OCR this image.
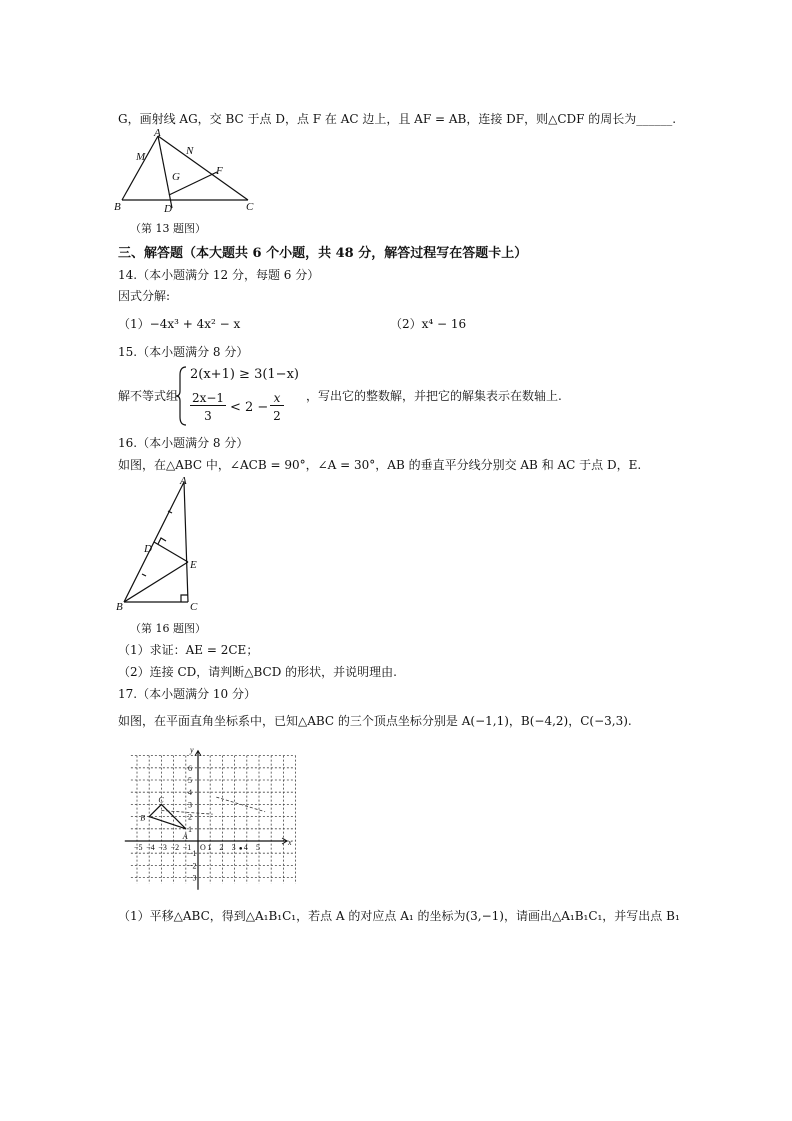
G，画射线 AG，交 BC 于点 D，点 F 在 AC 边上，且 AF = AB，连接 DF，则△CDF 的周长为______.
A
M	N
G	F
B	D	C
（第 13 题图）
三、解答题（本大题共 6 个小题，共 48 分，解答过程写在答题卡上）
14.（本小题满分 12 分，每题 6 分）
因式分解:
（1）−4x³ + 4x² − x	（2）x⁴ − 16
15.（本小题满分 8 分）
解不等式组
2(x+1) ≥ 3(1−x)
2x−1
3
< 2 −
x
2
，写出它的整数解，并把它的解集表示在数轴上.
16.（本小题满分 8 分）
如图，在△ABC 中，∠ACB = 90°，∠A = 30°，AB 的垂直平分线分别交 AB 和 AC 于点 D，E.
A
D
E
B	C
（第 16 题图）
（1）求证：AE = 2CE；
（2）连接 CD，请判断△BCD 的形状，并说明理由.
17.（本小题满分 10 分）
如图，在平面直角坐标系中，已知△ABC 的三个顶点坐标分别是 A(−1,1)，B(−4,2)，C(−3,3).
−5 −4 −3 −2 −1 O 1 2 3 4 5
6
5
4
3
2
1
−1
−2
−3
x
y
A
B
C
（1）平移△ABC，得到△A₁B₁C₁，若点 A 的对应点 A₁ 的坐标为(3,−1)，请画出△A₁B₁C₁，并写出点 B₁
